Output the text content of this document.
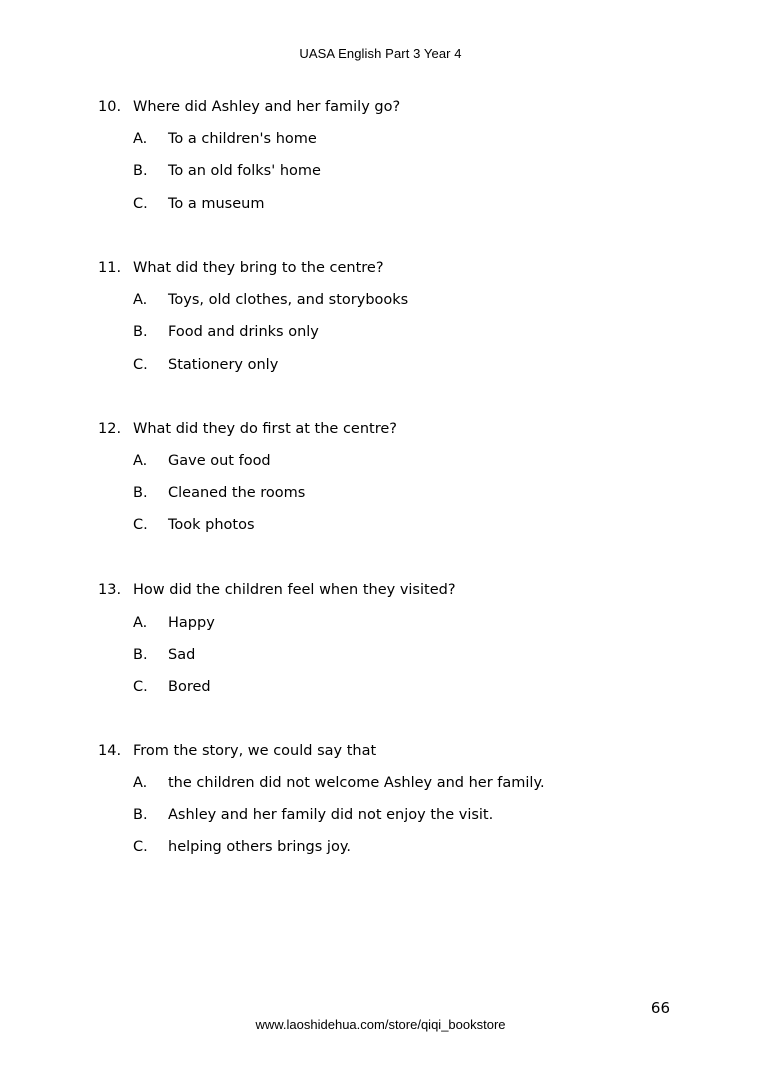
UASA English Part 3 Year 4
10. Where did Ashley and her family go?
A. To a children's home
B. To an old folks' home
C. To a museum
11. What did they bring to the centre?
A. Toys, old clothes, and storybooks
B. Food and drinks only
C. Stationery only
12. What did they do first at the centre?
A. Gave out food
B. Cleaned the rooms
C. Took photos
13. How did the children feel when they visited?
A. Happy
B. Sad
C. Bored
14. From the story, we could say that
A. the children did not welcome Ashley and her family.
B. Ashley and her family did not enjoy the visit.
C. helping others brings joy.
66
www.laoshidehua.com/store/qiqi_bookstore
